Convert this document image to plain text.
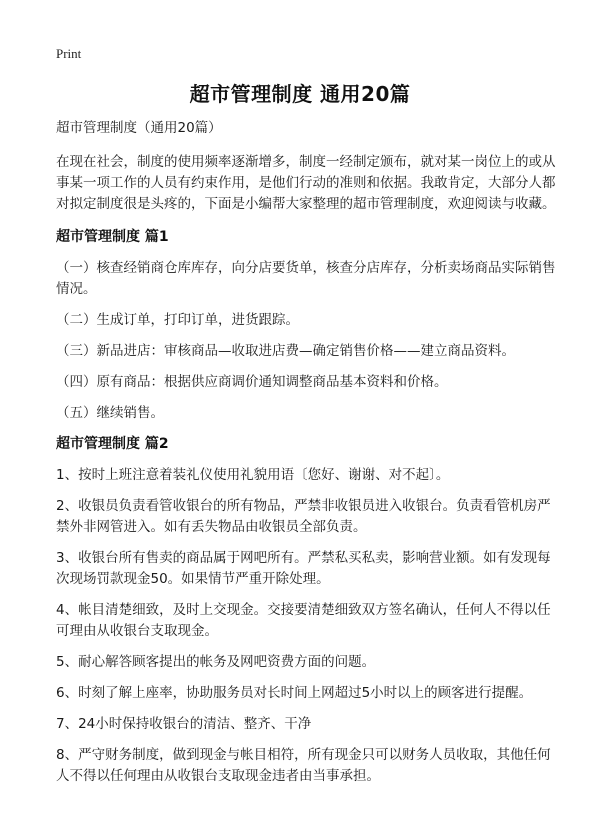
Print
超市管理制度 通用20篇

超市管理制度（通用20篇）

在现在社会，制度的使用频率逐渐增多，制度一经制定颁布，就对某一岗位上的或从事某一项工作的人员有约束作用，是他们行动的准则和依据。我敢肯定，大部分人都对拟定制度很是头疼的，下面是小编帮大家整理的超市管理制度，欢迎阅读与收藏。

超市管理制度 篇1
（一）核查经销商仓库库存，向分店要货单，核查分店库存，分析卖场商品实际销售情况。
（二）生成订单，打印订单，进货跟踪。
（三）新品进店：审核商品—收取进店费—确定销售价格——建立商品资料。
（四）原有商品：根据供应商调价通知调整商品基本资料和价格。
（五）继续销售。
超市管理制度 篇2
1、按时上班注意着装礼仪使用礼貌用语〔您好、谢谢、对不起〕。
2、收银员负责看管收银台的所有物品，严禁非收银员进入收银台。负责看管机房严禁外非网管进入。如有丢失物品由收银员全部负责。
3、收银台所有售卖的商品属于网吧所有。严禁私买私卖，影响营业额。如有发现每次现场罚款现金50。如果情节严重开除处理。
4、帐目清楚细致，及时上交现金。交接要清楚细致双方签名确认，任何人不得以任可理由从收银台支取现金。
5、耐心解答顾客提出的帐务及网吧资费方面的问题。
6、时刻了解上座率，协助服务员对长时间上网超过5小时以上的顾客进行提醒。
7、24小时保持收银台的清洁、整齐、干净
8、严守财务制度，做到现金与帐目相符，所有现金只可以财务人员收取，其他任何人不得以任何理由从收银台支取现金违者由当事承担。
